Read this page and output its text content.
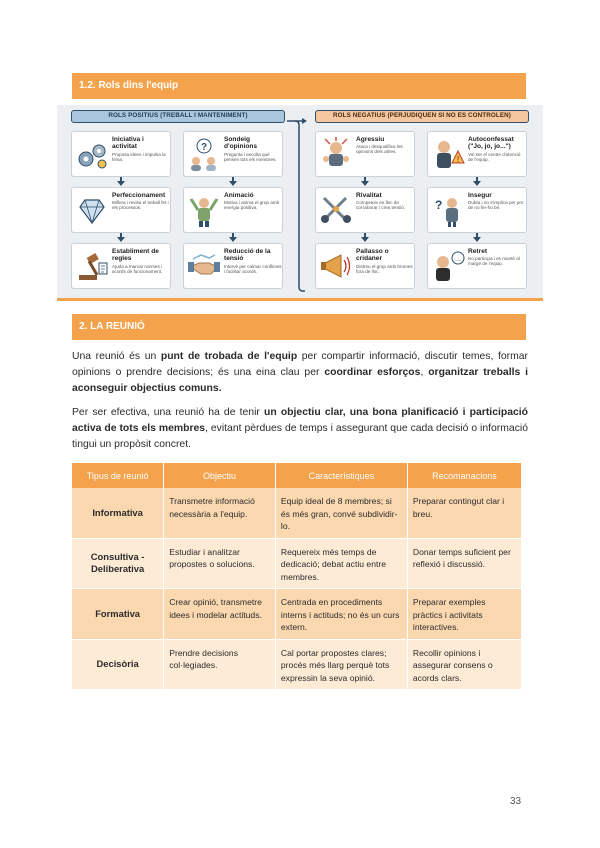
1.2. Rols dins l'equip
ROLS POSITIUS (TREBALL I MANTENIMENT)
Iniciativa i activitat
Proposa idees i impulsa la feina.
?
Sondeig d'opinions
Pregunta i escolta què pensen tots els membres.
Perfeccionament
Millora i revisa el treball fet i els processos.
Animació
Motiva i anima el grup amb energia positiva.
Establiment de regles
Ajuda a marcar normes i acords de funcionament.
Reducció de la tensió
Intervé per calmar conflictes i facilitar acords.
ROLS NEGATIUS (PERJUDIQUEN SI NO ES CONTROLEN)
Agressiu
Ataca i desqualifica les opinions dels altres.
!
Autoconfessat ("Jo, jo, jo...")
Vol ser el centre d'atenció de l'equip.
Rivalitat
Competeix en lloc de col·laborar i crea tensió.	?
Insegur
Dubta i no s'implica per por de no fer-ho bé.
Pallasso o cridaner
Distreu el grup amb bromes fora de lloc.
...
Retret
No participa i es manté al marge de l'equip.
2. LA REUNIÓ
Una reunió és un punt de trobada de l'equip per compartir informació, discutir temes, formar opinions o prendre decisions; és una eina clau per coordinar esforços, organitzar treballs i aconseguir objectius comuns.
Per ser efectiva, una reunió ha de tenir un objectiu clar, una bona planificació i participació activa de tots els membres, evitant pèrdues de temps i assegurant que cada decisió o informació tingui un propòsit concret.
Tipus de reunió	Objectiu	Característiques	Recomanacions
Informativa	Transmetre informació necessària a l'equip.	Equip ideal de 8 membres; si és més gran, convé subdividir-lo.	Preparar contingut clar i breu.
Consultiva - Deliberativa	Estudiar i analitzar propostes o solucions.	Requereix més temps de dedicació; debat actiu entre membres.	Donar temps suficient per reflexió i discussió.
Formativa	Crear opinió, transmetre idees i modelar actituds.	Centrada en procediments interns i actituds; no és un curs extern.	Preparar exemples pràctics i activitats interactives.
Decisòria	Prendre decisions col·legiades.	Cal portar propostes clares; procés més llarg perquè tots expressin la seva opinió.	Recollir opinions i assegurar consens o acords clars.
33
